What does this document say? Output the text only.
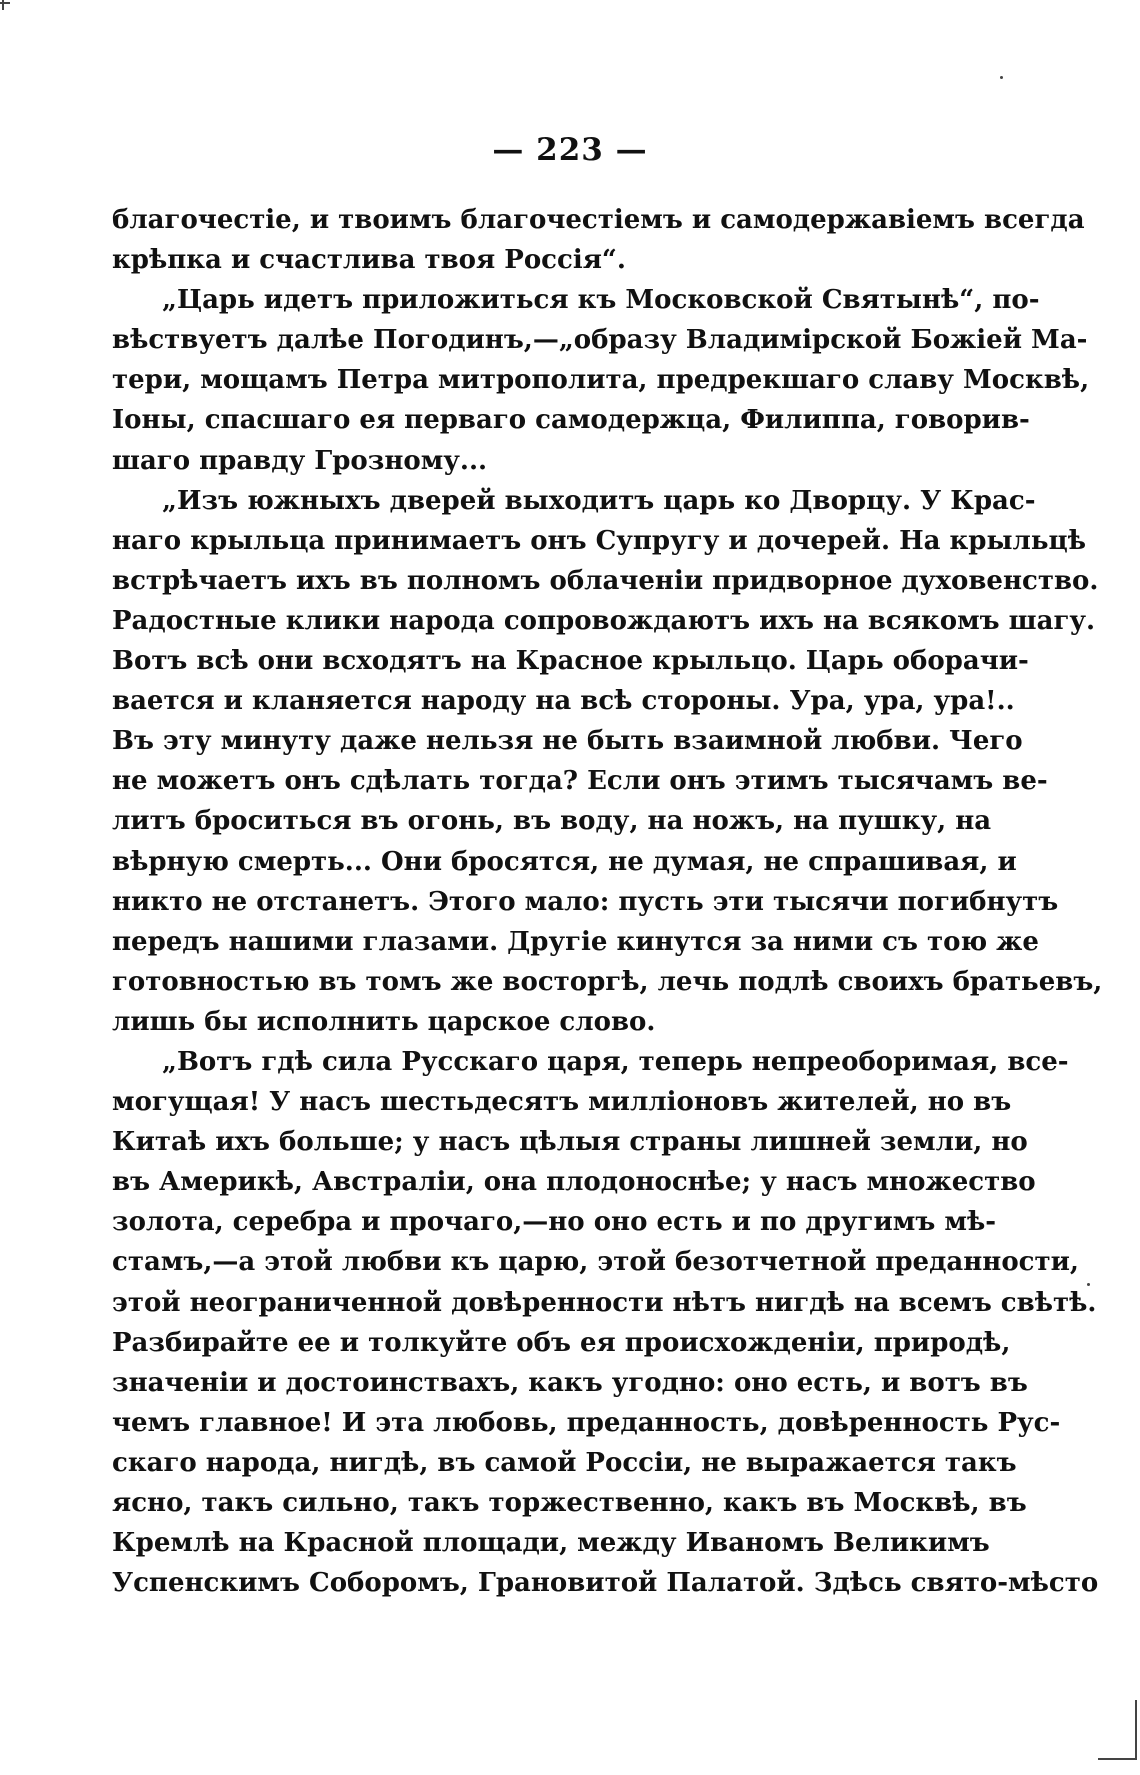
— 223 —
благочестіе, и твоимъ благочестіемъ и самодержавіемъ всегда
крѣпка и счастлива твоя Россія“.
„Царь идетъ приложиться къ Московской Святынѣ“, по-
вѣствуетъ далѣе Погодинъ,—„образу Владимірской Божіей Ма-
тери, мощамъ Петра митрополита, предрекшаго славу Москвѣ,
Іоны, спасшаго ея перваго самодержца, Филиппа, говорив-
шаго правду Грозному...
„Изъ южныхъ дверей выходитъ царь ко Дворцу. У Крас-
наго крыльца принимаетъ онъ Супругу и дочерей. На крыльцѣ
встрѣчаетъ ихъ въ полномъ облаченіи придворное духовенство.
Радостные клики народа сопровождаютъ ихъ на всякомъ шагу.
Вотъ всѣ они всходятъ на Красное крыльцо. Царь оборачи-
вается и кланяется народу на всѣ стороны. Ура, ура, ура!..
Въ эту минуту даже нельзя не быть взаимной любви. Чего
не можетъ онъ сдѣлать тогда? Если онъ этимъ тысячамъ ве-
литъ броситься въ огонь, въ воду, на ножъ, на пушку, на
вѣрную смерть... Они бросятся, не думая, не спрашивая, и
никто не отстанетъ. Этого мало: пусть эти тысячи погибнутъ
передъ нашими глазами. Другіе кинутся за ними съ тою же
готовностью въ томъ же восторгѣ, лечь подлѣ своихъ братьевъ,
лишь бы исполнить царское слово.
„Вотъ гдѣ сила Русскаго царя, теперь непреоборимая, все-
могущая! У насъ шестьдесятъ милліоновъ жителей, но въ
Китаѣ ихъ больше; у насъ цѣлыя страны лишней земли, но
въ Америкѣ, Австраліи, она плодоноснѣе; у насъ множество
золота, серебра и прочаго,—но оно есть и по другимъ мѣ-
стамъ,—а этой любви къ царю, этой безотчетной преданности,
этой неограниченной довѣренности нѣтъ нигдѣ на всемъ свѣтѣ.
Разбирайте ее и толкуйте объ ея происхожденіи, природѣ,
значеніи и достоинствахъ, какъ угодно: оно есть, и вотъ въ
чемъ главное! И эта любовь, преданность, довѣренность Рус-
скаго народа, нигдѣ, въ самой Россіи, не выражается такъ
ясно, такъ сильно, такъ торжественно, какъ въ Москвѣ, въ
Кремлѣ на Красной площади, между Иваномъ Великимъ
Успенскимъ Соборомъ, Грановитой Палатой. Здѣсь свято-мѣсто
